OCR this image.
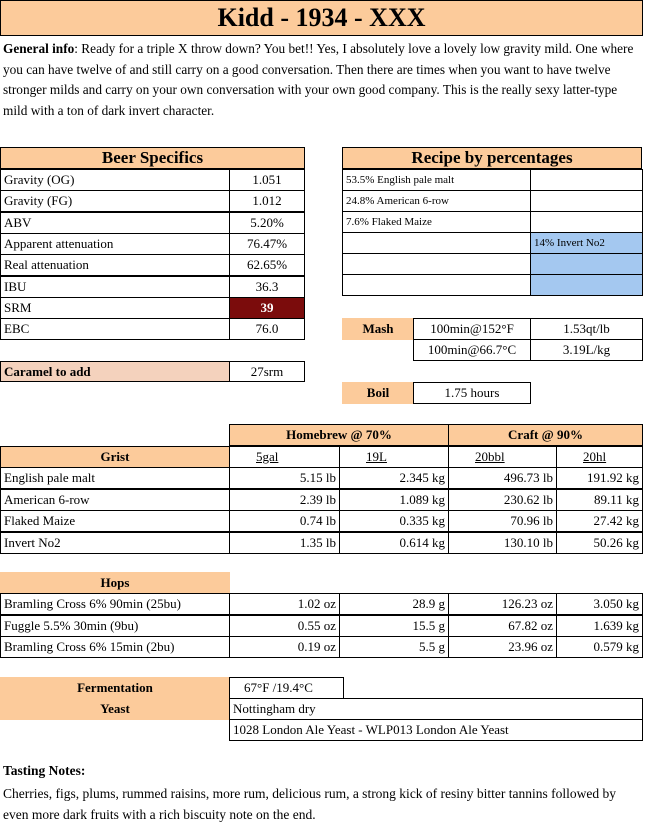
Kidd - 1934 - XXX
General info: Ready for a triple X throw down? You bet!! Yes, I absolutely love a lovely low gravity mild. One where you can have twelve of and still carry on a good conversation. Then there are times when you want to have twelve stronger milds and carry on your own conversation with your own good company. This is the really sexy latter-type mild with a ton of dark invert character.
Beer Specifics
Gravity (OG)	1.051
Gravity (FG)	1.012
ABV	5.20%
Apparent attenuation	76.47%
Real attenuation	62.65%
IBU	36.3
SRM	39
EBC	76.0
Caramel to add	27srm
Recipe by percentages
53.5% English pale malt
24.8% American 6-row
7.6% Flaked Maize
14% Invert No2
Mash	100min@152°F	1.53qt/lb
100min@66.7°C	3.19L/kg
Boil	1.75 hours
Homebrew @ 70%	Craft @ 90%
Grist	5gal	19L	20bbl	20hl
English pale malt	5.15 lb	2.345 kg	496.73 lb	191.92 kg
American 6-row	2.39 lb	1.089 kg	230.62 lb	89.11 kg
Flaked Maize	0.74 lb	0.335 kg	70.96 lb	27.42 kg
Invert No2	1.35 lb	0.614 kg	130.10 lb	50.26 kg
Hops
Bramling Cross 6% 90min (25bu)	1.02 oz	28.9 g	126.23 oz	3.050 kg
Fuggle 5.5% 30min (9bu)	0.55 oz	15.5 g	67.82 oz	1.639 kg
Bramling Cross 6% 15min (2bu)	0.19 oz	5.5 g	23.96 oz	0.579 kg
Fermentation	67°F /19.4°C
Yeast	Nottingham dry
1028 London Ale Yeast - WLP013 London Ale Yeast
Tasting Notes:
Cherries, figs, plums, rummed raisins, more rum, delicious rum, a strong kick of resiny bitter tannins followed by even more dark fruits with a rich biscuity note on the end.
